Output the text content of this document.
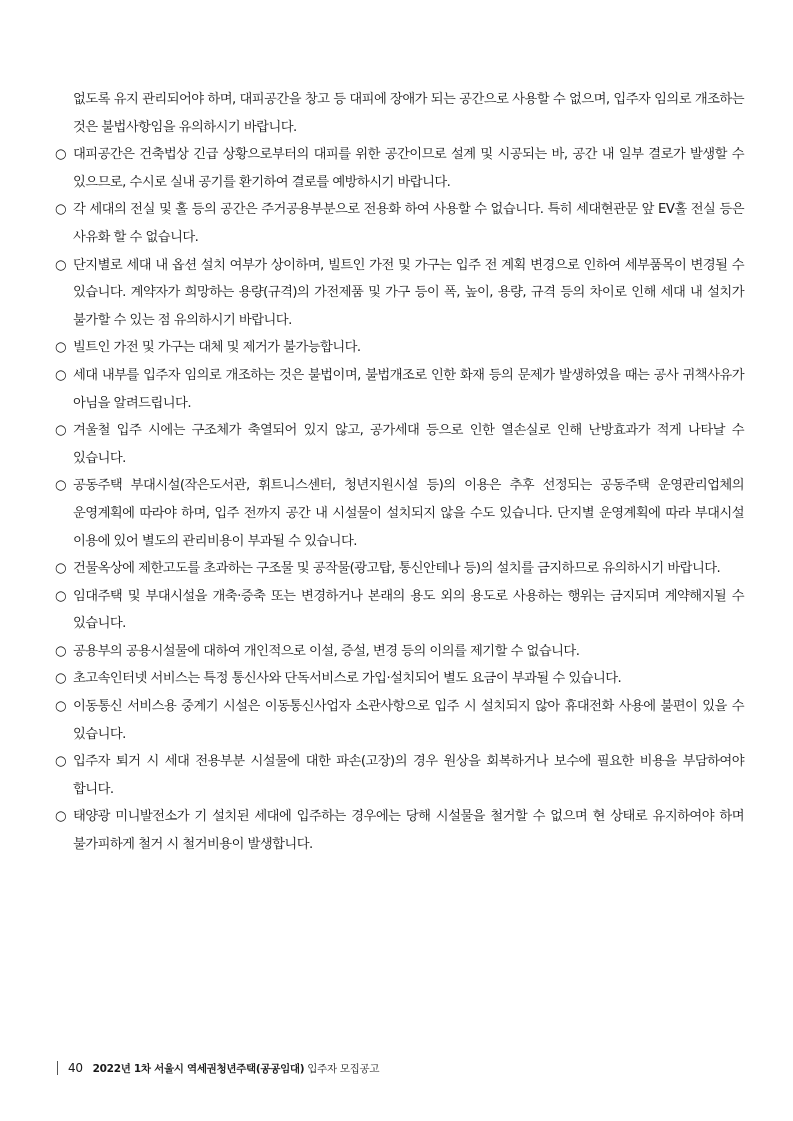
없도록 유지 관리되어야 하며, 대피공간을 창고 등 대피에 장애가 되는 공간으로 사용할 수 없으며, 입주자 임의로 개조하는 것은 불법사항임을 유의하시기 바랍니다.

○ 대피공간은 건축법상 긴급 상황으로부터의 대피를 위한 공간이므로 설계 및 시공되는 바, 공간 내 일부 결로가 발생할 수 있으므로, 수시로 실내 공기를 환기하여 결로를 예방하시기 바랍니다.
○ 각 세대의 전실 및 홀 등의 공간은 주거공용부분으로 전용화 하여 사용할 수 없습니다. 특히 세대현관문 앞 EV홀 전실 등은 사유화 할 수 없습니다.
○ 단지별로 세대 내 옵션 설치 여부가 상이하며, 빌트인 가전 및 가구는 입주 전 계획 변경으로 인하여 세부품목이 변경될 수 있습니다. 계약자가 희망하는 용량(규격)의 가전제품 및 가구 등이 폭, 높이, 용량, 규격 등의 차이로 인해 세대 내 설치가 불가할 수 있는 점 유의하시기 바랍니다.
○ 빌트인 가전 및 가구는 대체 및 제거가 불가능합니다.
○ 세대 내부를 입주자 임의로 개조하는 것은 불법이며, 불법개조로 인한 화재 등의 문제가 발생하였을 때는 공사 귀책사유가 아님을 알려드립니다.
○ 겨울철 입주 시에는 구조체가 축열되어 있지 않고, 공가세대 등으로 인한 열손실로 인해 난방효과가 적게 나타날 수 있습니다.
○ 공동주택 부대시설(작은도서관, 휘트니스센터, 청년지원시설 등)의 이용은 추후 선정되는 공동주택 운영관리업체의 운영계획에 따라야 하며, 입주 전까지 공간 내 시설물이 설치되지 않을 수도 있습니다. 단지별 운영계획에 따라 부대시설 이용에 있어 별도의 관리비용이 부과될 수 있습니다.
○ 건물옥상에 제한고도를 초과하는 구조물 및 공작물(광고탑, 통신안테나 등)의 설치를 금지하므로 유의하시기 바랍니다.
○ 임대주택 및 부대시설을 개축·증축 또는 변경하거나 본래의 용도 외의 용도로 사용하는 행위는 금지되며 계약해지될 수 있습니다.
○ 공용부의 공용시설물에 대하여 개인적으로 이설, 증설, 변경 등의 이의를 제기할 수 없습니다.
○ 초고속인터넷 서비스는 특정 통신사와 단독서비스로 가입·설치되어 별도 요금이 부과될 수 있습니다.
○ 이동통신 서비스용 중계기 시설은 이동통신사업자 소관사항으로 입주 시 설치되지 않아 휴대전화 사용에 불편이 있을 수 있습니다.
○ 입주자 퇴거 시 세대 전용부분 시설물에 대한 파손(고장)의 경우 원상을 회복하거나 보수에 필요한 비용을 부담하여야 합니다.
○ 태양광 미니발전소가 기 설치된 세대에 입주하는 경우에는 당해 시설물을 철거할 수 없으며 현 상태로 유지하여야 하며 불가피하게 철거 시 철거비용이 발생합니다.
40 2022년 1차 서울시 역세권청년주택(공공임대) 입주자 모집공고
